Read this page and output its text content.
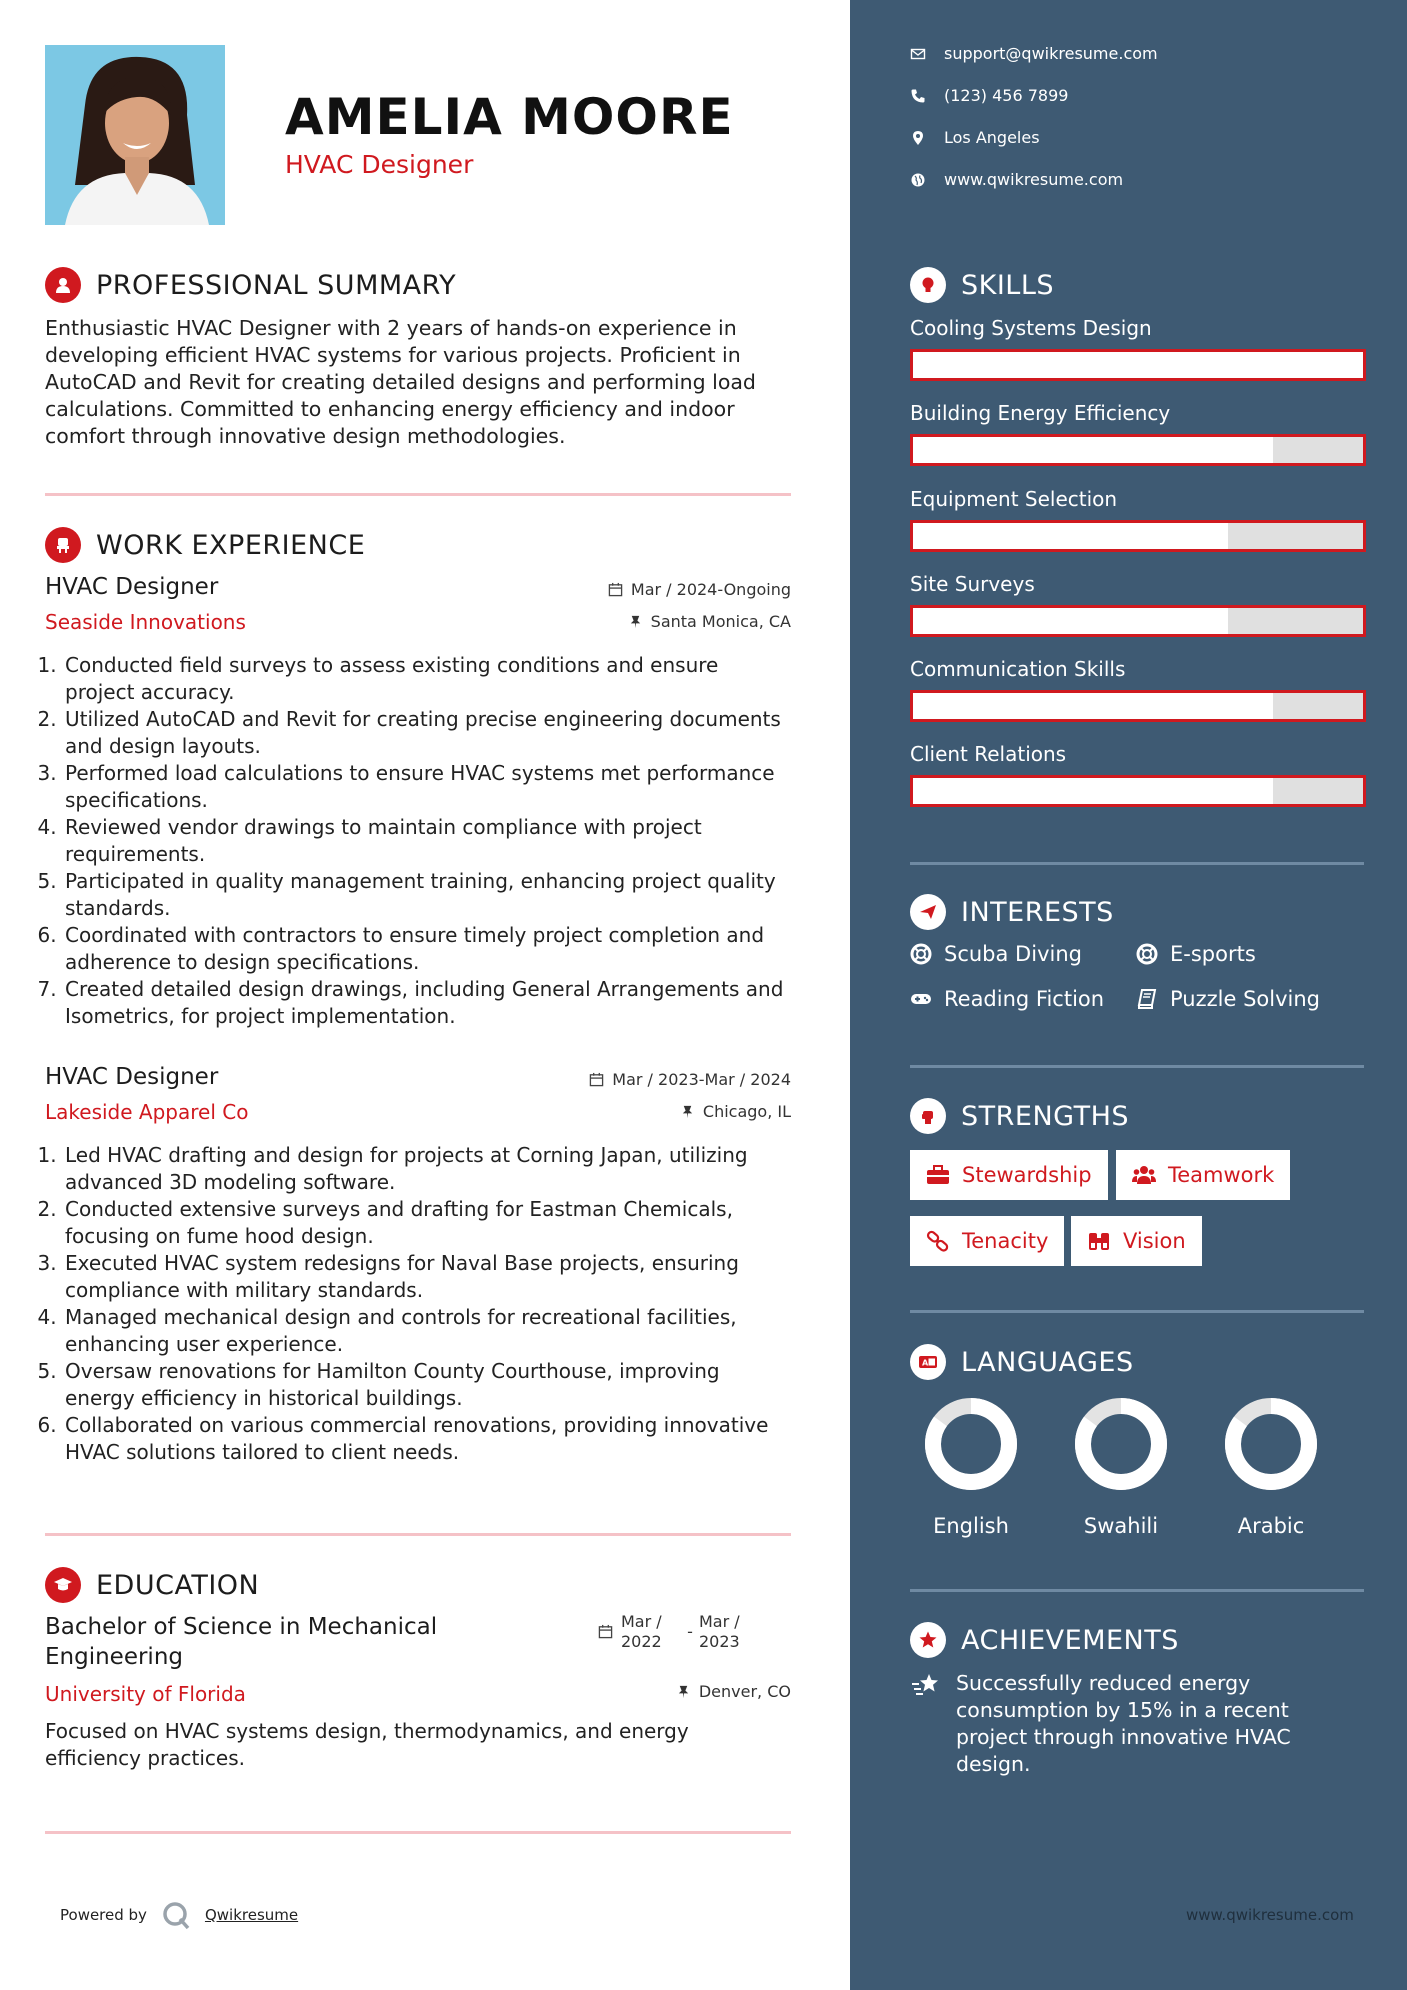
AMELIA MOORE
HVAC Designer
PROFESSIONAL SUMMARY
Enthusiastic HVAC Designer with 2 years of hands-on experience in developing efficient HVAC systems for various projects. Proficient in AutoCAD and Revit for creating detailed designs and performing load calculations. Committed to enhancing energy efficiency and indoor comfort through innovative design methodologies.
WORK EXPERIENCE
HVAC Designer
Seaside Innovations
Mar / 2024-Ongoing
Santa Monica, CA
1. Conducted field surveys to assess existing conditions and ensure project accuracy.
2. Utilized AutoCAD and Revit for creating precise engineering documents and design layouts.
3. Performed load calculations to ensure HVAC systems met performance specifications.
4. Reviewed vendor drawings to maintain compliance with project requirements.
5. Participated in quality management training, enhancing project quality standards.
6. Coordinated with contractors to ensure timely project completion and adherence to design specifications.
7. Created detailed design drawings, including General Arrangements and Isometrics, for project implementation.
HVAC Designer
Lakeside Apparel Co
Mar / 2023-Mar / 2024
Chicago, IL
1. Led HVAC drafting and design for projects at Corning Japan, utilizing advanced 3D modeling software.
2. Conducted extensive surveys and drafting for Eastman Chemicals, focusing on fume hood design.
3. Executed HVAC system redesigns for Naval Base projects, ensuring compliance with military standards.
4. Managed mechanical design and controls for recreational facilities, enhancing user experience.
5. Oversaw renovations for Hamilton County Courthouse, improving energy efficiency in historical buildings.
6. Collaborated on various commercial renovations, providing innovative HVAC solutions tailored to client needs.
EDUCATION
Bachelor of Science in Mechanical Engineering
University of Florida
Mar / 2022
-
Mar / 2023
Denver, CO
Focused on HVAC systems design, thermodynamics, and energy efficiency practices.
Powered by	Qwikresume
support@qwikresume.com
(123) 456 7899
Los Angeles
www.qwikresume.com
SKILLS
Cooling Systems Design
Building Energy Efficiency
Equipment Selection
Site Surveys
Communication Skills
Client Relations
INTERESTS
Scuba Diving	E-sports
Reading Fiction	Puzzle Solving
STRENGTHS
Stewardship	Teamwork
Tenacity	Vision
A LANGUAGES
English	Swahili	Arabic
ACHIEVEMENTS
Successfully reduced energy consumption by 15% in a recent project through innovative HVAC design.
www.qwikresume.com
